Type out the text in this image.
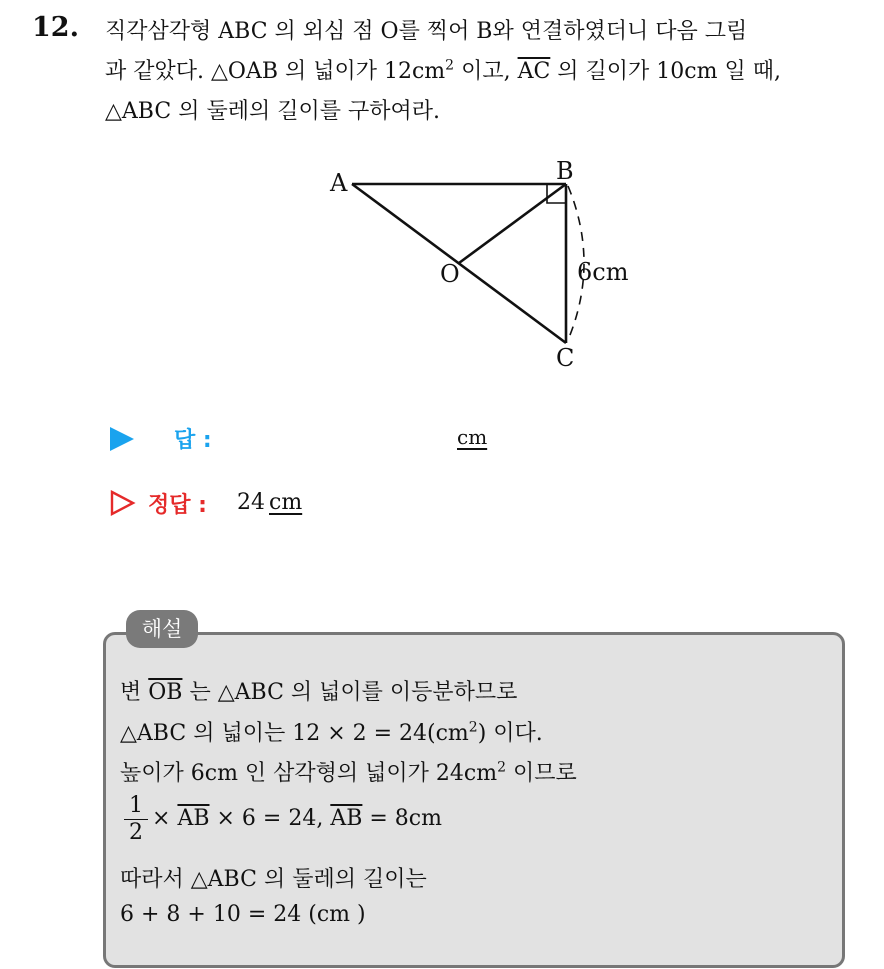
12. 직각삼각형 ABC 의 외심 점 O를 찍어 B와 연결하였더니 다음 그림
과 같았다. △OAB 의 넓이가 $12cm^2$ 이고, $\overline{AC}$ 의 길이가 10cm 일 때,
△ABC 의 둘레의 길이를 구하여라.
A	B
C
O	6cm
답 :	cm
정답 : 24 cm
해설
변 $\overline{OB}$ 는 △ABC 의 넓이를 이등분하므로
△ABC 의 넓이는 $12 \times 2 = 24(cm^2)$ 이다.
높이가 6cm 인 삼각형의 넓이가 $24cm^2$ 이므로
$\frac{1}{2} \times \overline{AB} \times 6 = 24$, $\overline{AB} = 8cm$
따라서 △ABC 의 둘레의 길이는
6 + 8 + 10 = 24 (cm )
